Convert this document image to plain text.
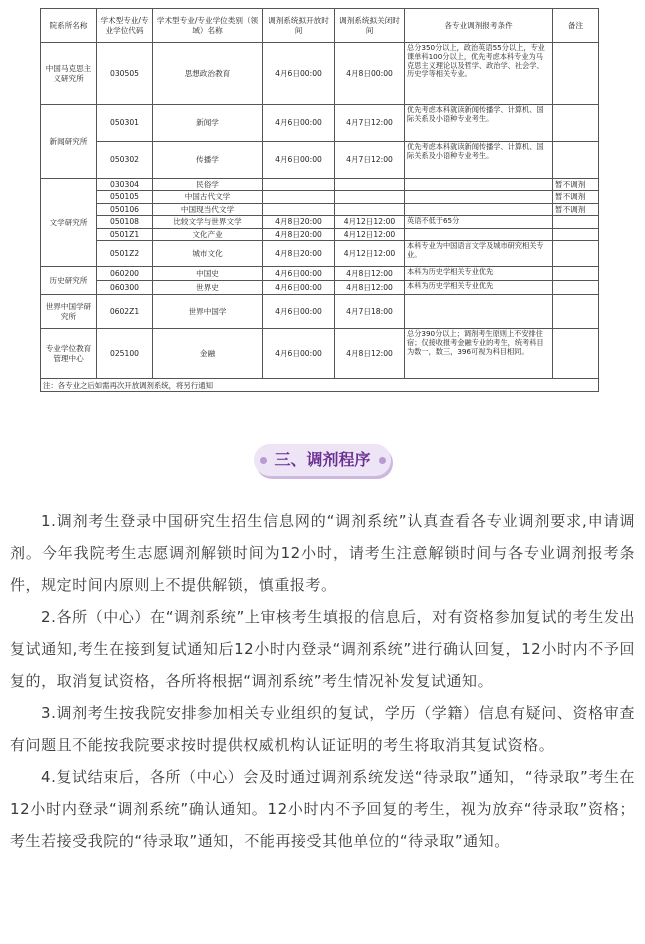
院系所名称	学术型专业/专业学位代码	学术型专业/专业学位类别（领域）名称	调剂系统拟开放时间	调剂系统拟关闭时间	各专业调剂报考条件	备注
中国马克思主义研究所	030505	思想政治教育	4月6日00:00	4月8日00:00	总分350分以上，政治英语55分以上，专业课单科100分以上，优先考虑本科专业为马克思主义理论以及哲学、政治学、社会学、历史学等相关专业。	
新闻研究所	050301	新闻学	4月6日00:00	4月7日12:00	优先考虑本科就读新闻传播学、计算机、国际关系及小语种专业考生。	
	050302	传播学	4月6日00:00	4月7日12:00	优先考虑本科就读新闻传播学、计算机、国际关系及小语种专业考生。	
文学研究所	030304	民俗学				暂不调剂
	050105	中国古代文学				暂不调剂
	050106	中国现当代文学				暂不调剂
	050108	比较文学与世界文学	4月8日20:00	4月12日12:00	英语不低于65分	
	0501Z1	文化产业	4月8日20:00	4月12日12:00		
	0501Z2	城市文化	4月8日20:00	4月12日12:00	本科专业为中国语言文学及城市研究相关专业。	
历史研究所	060200	中国史	4月6日00:00	4月8日12:00	本科为历史学相关专业优先	
	060300	世界史	4月6日00:00	4月8日12:00	本科为历史学相关专业优先	
世界中国学研究所	0602Z1	世界中国学	4月6日00:00	4月7日18:00		
专业学位教育管理中心	025100	金融	4月6日00:00	4月8日12:00	总分390分以上；调剂考生原则上不安排住宿；仅接收报考金融专业的考生，统考科目为数一，数三，396可视为科目相同。	
注：各专业之后如需再次开放调剂系统，将另行通知						
三、调剂程序

1.调剂考生登录中国研究生招生信息网的“调剂系统”认真查看各专业调剂要求,申请调剂。今年我院考生志愿调剂解锁时间为12小时，请考生注意解锁时间与各专业调剂报考条件，规定时间内原则上不提供解锁，慎重报考。

2.各所（中心）在“调剂系统”上审核考生填报的信息后，对有资格参加复试的考生发出复试通知,考生在接到复试通知后12小时内登录“调剂系统”进行确认回复，12小时内不予回复的，取消复试资格，各所将根据“调剂系统”考生情况补发复试通知。

3.调剂考生按我院安排参加相关专业组织的复试，学历（学籍）信息有疑问、资格审查有问题且不能按我院要求按时提供权威机构认证证明的考生将取消其复试资格。

4.复试结束后，各所（中心）会及时通过调剂系统发送“待录取”通知，“待录取”考生在12小时内登录“调剂系统”确认通知。12小时内不予回复的考生，视为放弃“待录取”资格；考生若接受我院的“待录取”通知，不能再接受其他单位的“待录取”通知。
